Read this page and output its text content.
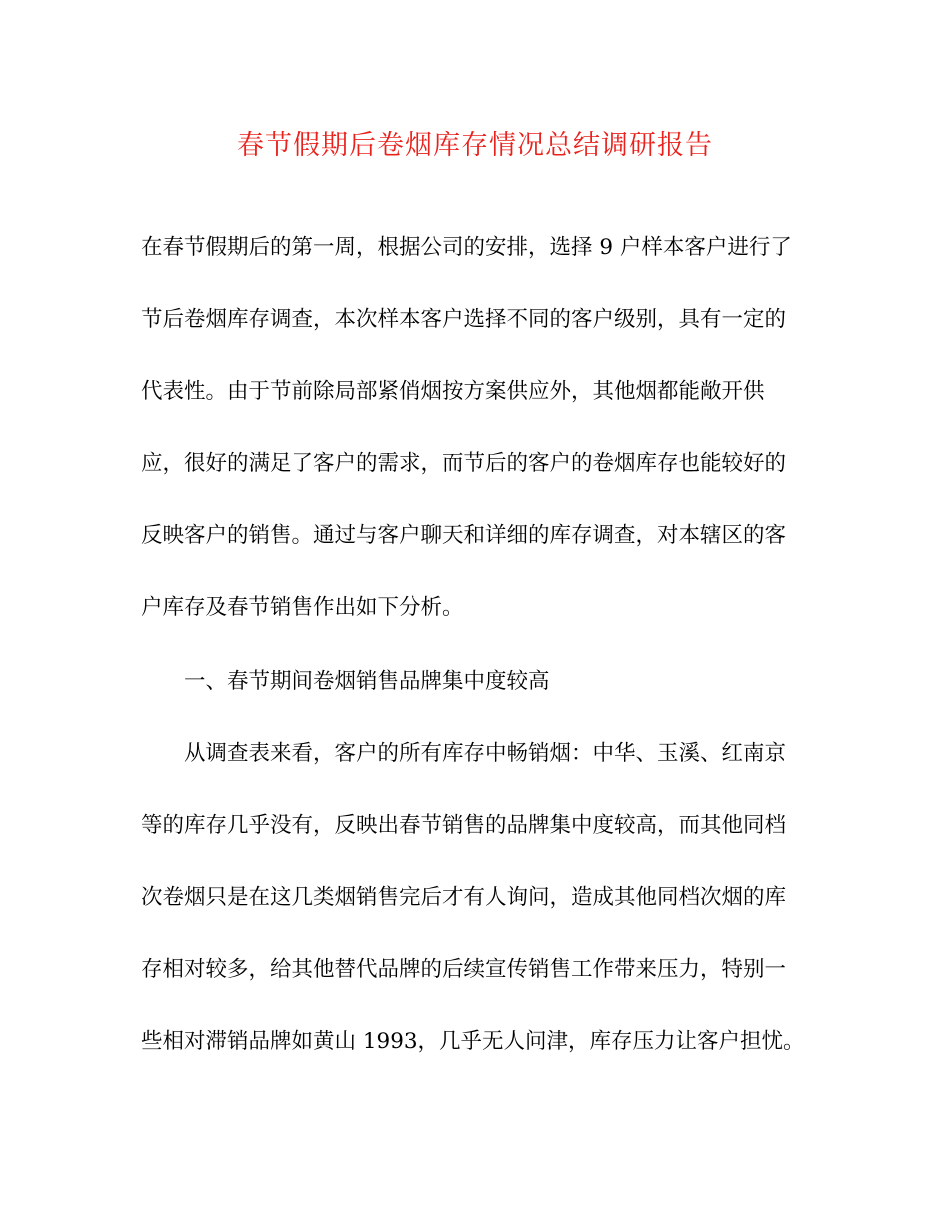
春节假期后卷烟库存情况总结调研报告

在春节假期后的第一周，根据公司的安排，选择 9 户样本客户进行了

节后卷烟库存调查，本次样本客户选择不同的客户级别，具有一定的

代表性。由于节前除局部紧俏烟按方案供应外，其他烟都能敞开供

应，很好的满足了客户的需求，而节后的客户的卷烟库存也能较好的

反映客户的销售。通过与客户聊天和详细的库存调查，对本辖区的客

户库存及春节销售作出如下分析。

一、春节期间卷烟销售品牌集中度较高

从调查表来看，客户的所有库存中畅销烟：中华、玉溪、红南京

等的库存几乎没有，反映出春节销售的品牌集中度较高，而其他同档

次卷烟只是在这几类烟销售完后才有人询问，造成其他同档次烟的库

存相对较多，给其他替代品牌的后续宣传销售工作带来压力，特别一

些相对滞销品牌如黄山 1993，几乎无人问津，库存压力让客户担忧。
